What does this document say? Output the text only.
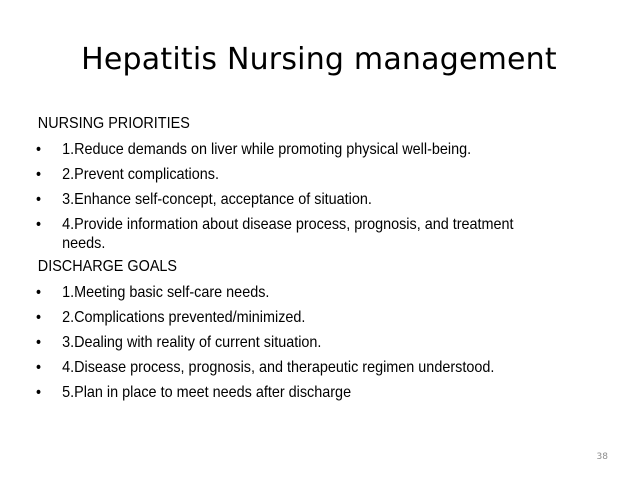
Hepatitis Nursing management
NURSING PRIORITIES
• 1.Reduce demands on liver while promoting physical well-being.
• 2.Prevent complications.
• 3.Enhance self-concept, acceptance of situation.
• 4.Provide information about disease process, prognosis, and treatment needs.
DISCHARGE GOALS
• 1.Meeting basic self-care needs.
• 2.Complications prevented/minimized.
• 3.Dealing with reality of current situation.
• 4.Disease process, prognosis, and therapeutic regimen understood.
• 5.Plan in place to meet needs after discharge
38
